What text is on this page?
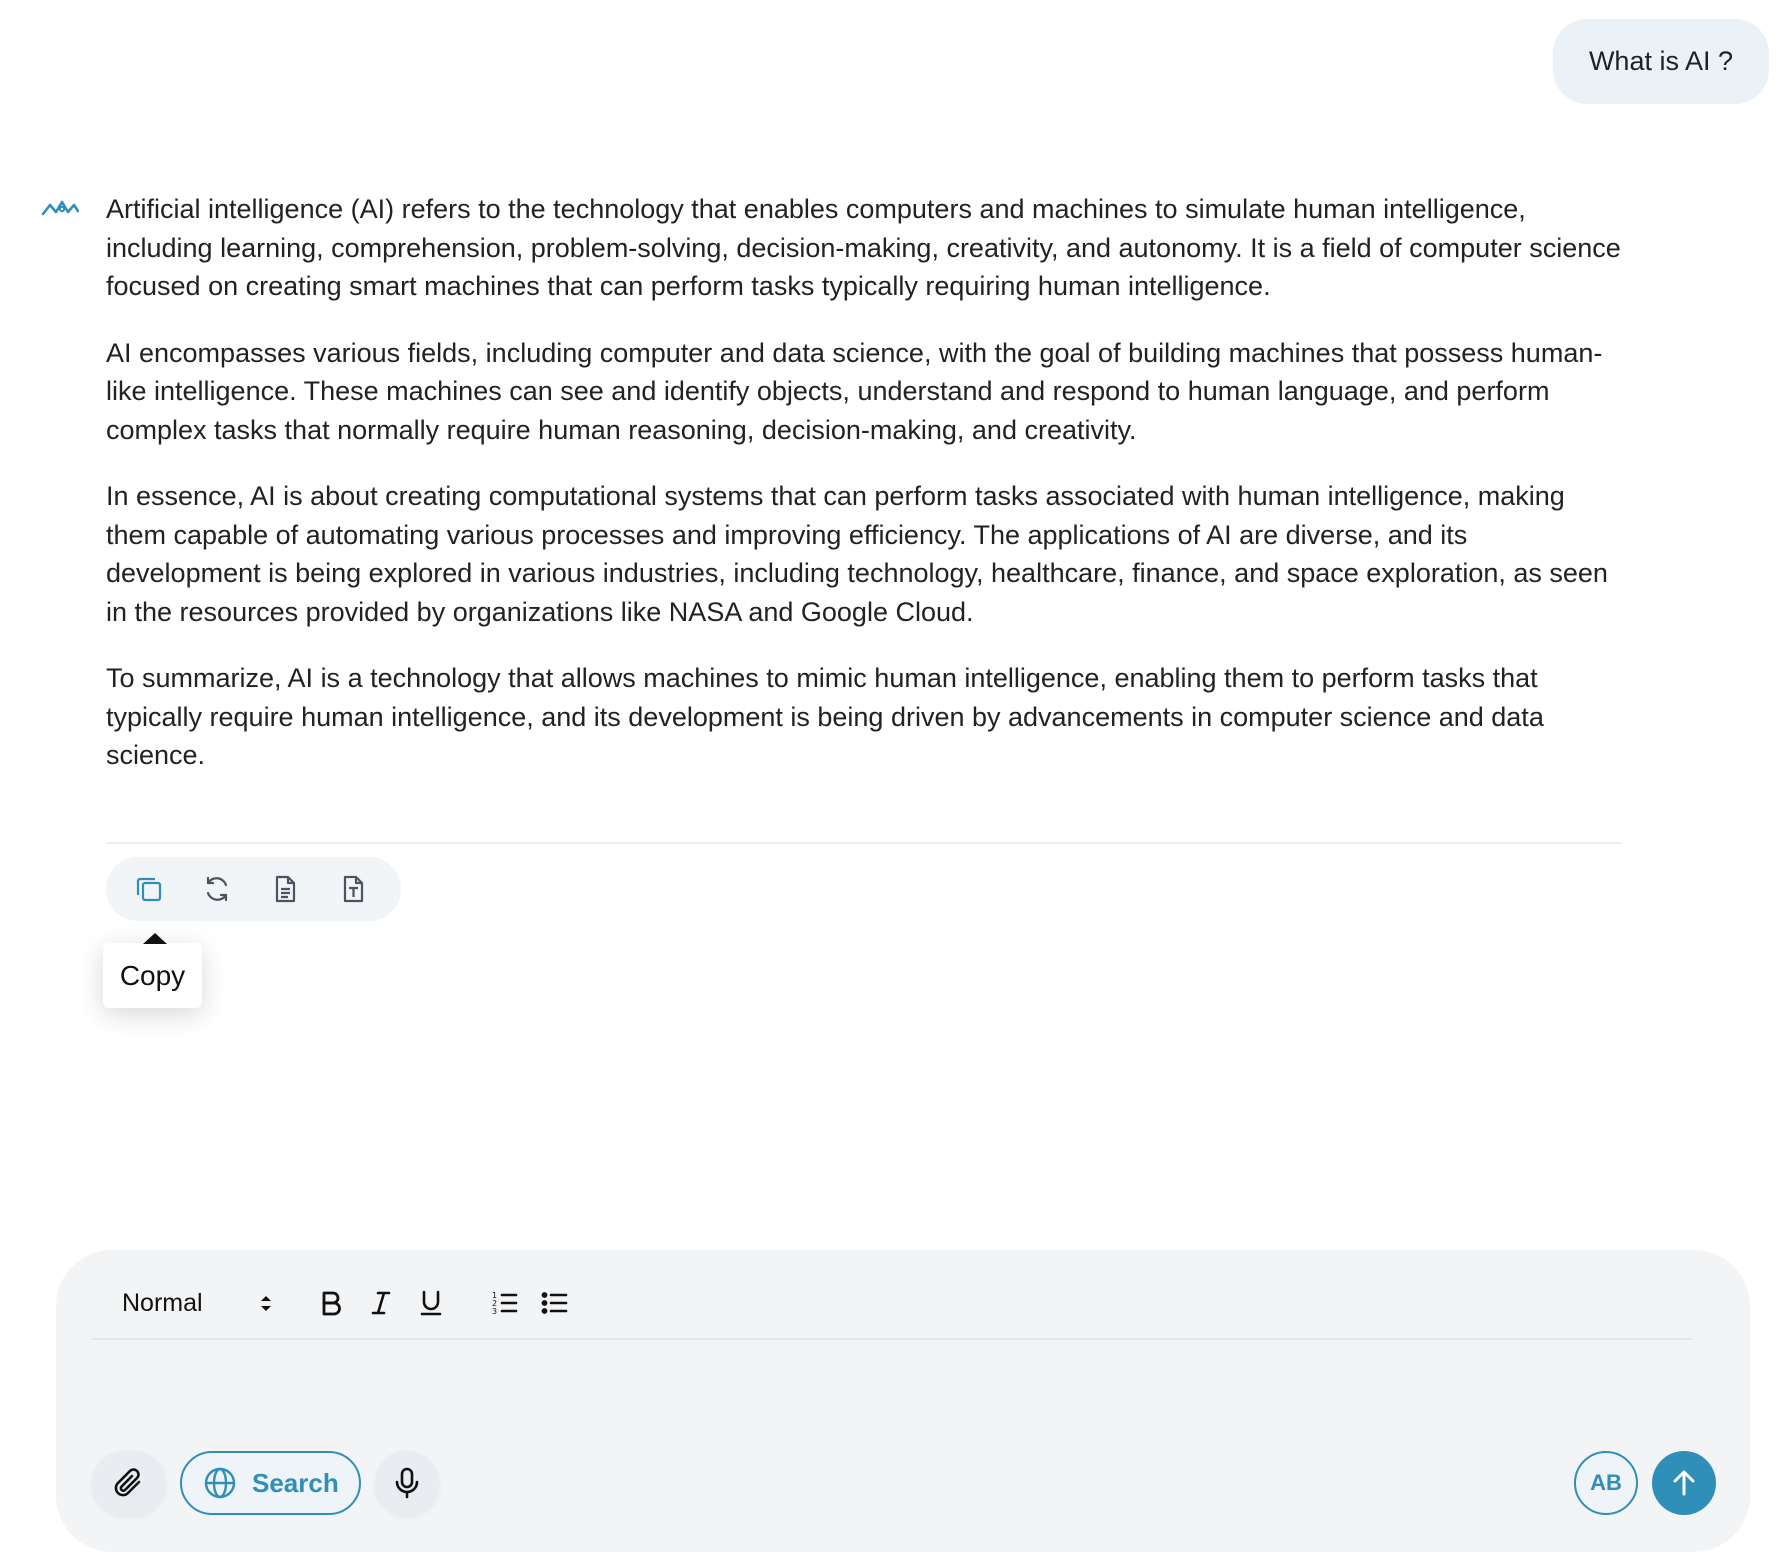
What is AI ?

Artificial intelligence (AI) refers to the technology that enables computers and machines to simulate human intelligence, including learning, comprehension, problem-solving, decision-making, creativity, and autonomy. It is a field of computer science focused on creating smart machines that can perform tasks typically requiring human intelligence.

AI encompasses various fields, including computer and data science, with the goal of building machines that possess human-like intelligence. These machines can see and identify objects, understand and respond to human language, and perform complex tasks that normally require human reasoning, decision-making, and creativity.

In essence, AI is about creating computational systems that can perform tasks associated with human intelligence, making them capable of automating various processes and improving efficiency. The applications of AI are diverse, and its development is being explored in various industries, including technology, healthcare, finance, and space exploration, as seen in the resources provided by organizations like NASA and Google Cloud.

To summarize, AI is a technology that allows machines to mimic human intelligence, enabling them to perform tasks that typically require human intelligence, and its development is being driven by advancements in computer science and data science.

Copy
Normal	1
2
3
Search	AB
